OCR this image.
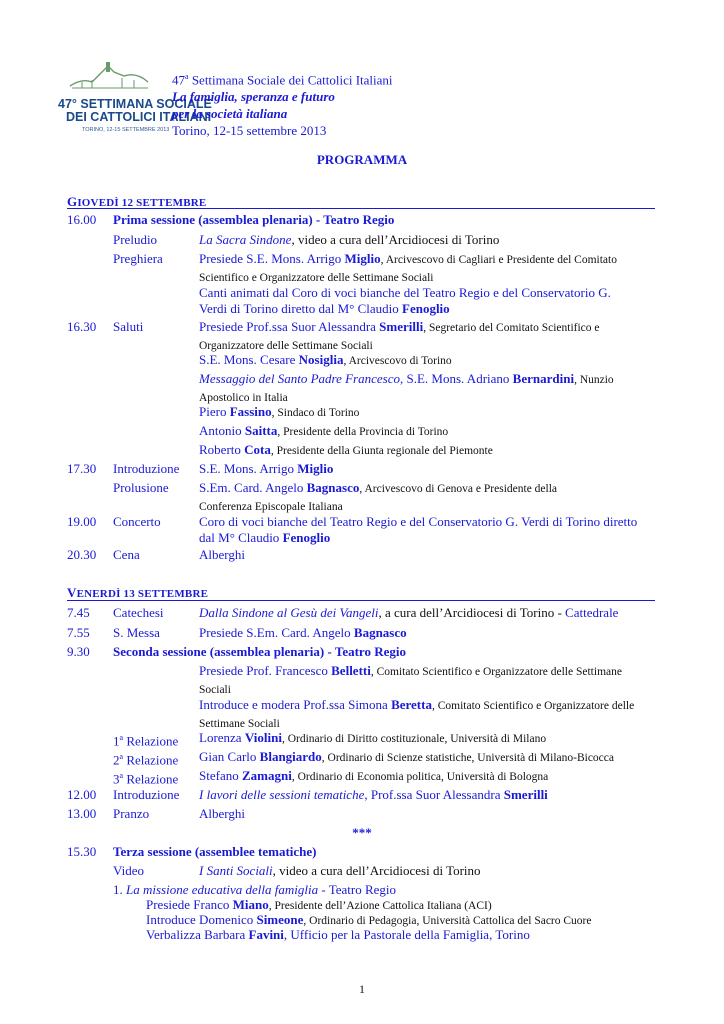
47° SETTIMANA SOCIALE
DEI CATTOLICI ITALIANI
TORINO, 12-15 SETTEMBRE 2013
47$^a$ Settimana Sociale dei Cattolici Italiani
La famiglia, speranza e futuro
per la società italiana
Torino, 12-15 settembre 2013
PROGRAMMA
GIOVEDÌ 12 SETTEMBRE
16.00	Prima sessione (assemblea plenaria) - Teatro Regio
Preludio	La Sacra Sindone, video a cura dell’Arcidiocesi di Torino
Preghiera	Presiede S.E. Mons. Arrigo Miglio, Arcivescovo di Cagliari e Presidente del Comitato
Scientifico e Organizzatore delle Settimane Sociali
Canti animati dal Coro di voci bianche del Teatro Regio e del Conservatorio G.
Verdi di Torino diretto dal M° Claudio Fenoglio
16.30	Saluti	Presiede Prof.ssa Suor Alessandra Smerilli, Segretario del Comitato Scientifico e
Organizzatore delle Settimane Sociali
S.E. Mons. Cesare Nosiglia, Arcivescovo di Torino
Messaggio del Santo Padre Francesco, S.E. Mons. Adriano Bernardini, Nunzio
Apostolico in Italia
Piero Fassino, Sindaco di Torino
Antonio Saitta, Presidente della Provincia di Torino
Roberto Cota, Presidente della Giunta regionale del Piemonte
17.30	Introduzione	S.E. Mons. Arrigo Miglio
Prolusione	S.Em. Card. Angelo Bagnasco, Arcivescovo di Genova e Presidente della
Conferenza Episcopale Italiana
19.00	Concerto	Coro di voci bianche del Teatro Regio e del Conservatorio G. Verdi di Torino diretto
dal M° Claudio Fenoglio
20.30	Cena	Alberghi
VENERDÌ 13 SETTEMBRE
7.45	Catechesi	Dalla Sindone al Gesù dei Vangeli, a cura dell’Arcidiocesi di Torino - Cattedrale
7.55	S. Messa	Presiede S.Em. Card. Angelo Bagnasco
9.30	Seconda sessione (assemblea plenaria) - Teatro Regio
Presiede Prof. Francesco Belletti, Comitato Scientifico e Organizzatore delle Settimane
Sociali
Introduce e modera Prof.ssa Simona Beretta, Comitato Scientifico e Organizzatore delle
Settimane Sociali
1$^a$ Relazione	Lorenza Violini, Ordinario di Diritto costituzionale, Università di Milano
2$^a$ Relazione	Gian Carlo Blangiardo, Ordinario di Scienze statistiche, Università di Milano-Bicocca
3$^a$ Relazione	Stefano Zamagni, Ordinario di Economia politica, Università di Bologna
12.00	Introduzione	I lavori delle sessioni tematiche, Prof.ssa Suor Alessandra Smerilli
13.00	Pranzo	Alberghi
***
15.30	Terza sessione (assemblee tematiche)
Video	I Santi Sociali, video a cura dell’Arcidiocesi di Torino
1. La missione educativa della famiglia - Teatro Regio
Presiede Franco Miano, Presidente dell’Azione Cattolica Italiana (ACI)
Introduce Domenico Simeone, Ordinario di Pedagogia, Università Cattolica del Sacro Cuore
Verbalizza Barbara Favini, Ufficio per la Pastorale della Famiglia, Torino
1
